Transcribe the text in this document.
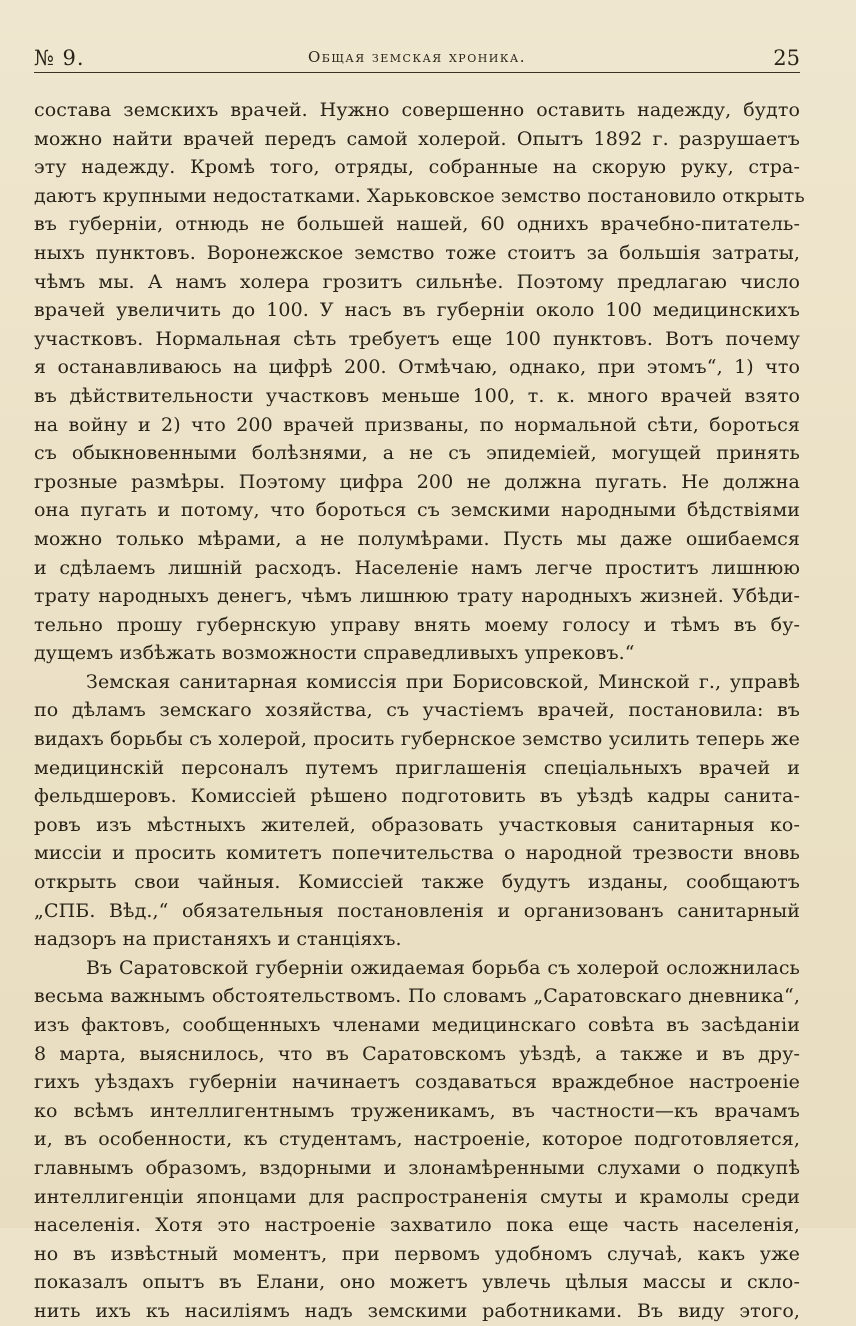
№ 9.	Общая земская хроника.	25
состава земскихъ врачей. Нужно совершенно оставить надежду, будто
можно найти врачей передъ самой холерой. Опытъ 1892 г. разрушаетъ
эту надежду. Кромѣ того, отряды, собранные на скорую руку, стра-
даютъ крупными недостатками. Харьковское земство постановило открыть
въ губерніи, отнюдь не большей нашей, 60 однихъ врачебно-питатель-
ныхъ пунктовъ. Воронежское земство тоже стоитъ за большія затраты,
чѣмъ мы. А намъ холера грозитъ сильнѣе. Поэтому предлагаю число
врачей увеличить до 100. У насъ въ губерніи около 100 медицинскихъ
участковъ. Нормальная сѣть требуетъ еще 100 пунктовъ. Вотъ почему
я останавливаюсь на цифрѣ 200. Отмѣчаю, однако, при этомъ“, 1) что
въ дѣйствительности участковъ меньше 100, т. к. много врачей взято
на войну и 2) что 200 врачей призваны, по нормальной сѣти, бороться
съ обыкновенными болѣзнями, а не съ эпидеміей, могущей принять
грозные размѣры. Поэтому цифра 200 не должна пугать. Не должна
она пугать и потому, что бороться съ земскими народными бѣдствіями
можно только мѣрами, а не полумѣрами. Пусть мы даже ошибаемся
и сдѣлаемъ лишній расходъ. Населеніе намъ легче проститъ лишнюю
трату народныхъ денегъ, чѣмъ лишнюю трату народныхъ жизней. Убѣди-
тельно прошу губернскую управу внять моему голосу и тѣмъ въ бу-
дущемъ избѣжать возможности справедливыхъ упрековъ.“
Земская санитарная комиссія при Борисовской, Минской г., управѣ
по дѣламъ земскаго хозяйства, съ участіемъ врачей, постановила: въ
видахъ борьбы съ холерой, просить губернское земство усилить теперь же
медицинскій персоналъ путемъ приглашенія спеціальныхъ врачей и
фельдшеровъ. Комиссіей рѣшено подготовить въ уѣздѣ кадры санита-
ровъ изъ мѣстныхъ жителей, образовать участковыя санитарныя ко-
миссіи и просить комитетъ попечительства о народной трезвости вновь
открыть свои чайныя. Комиссіей также будутъ изданы, сообщаютъ
„СПБ. Вѣд.,“ обязательныя постановленія и организованъ санитарный
надзоръ на пристаняхъ и станціяхъ.
Въ Саратовской губерніи ожидаемая борьба съ холерой осложнилась
весьма важнымъ обстоятельствомъ. По словамъ „Саратовскаго дневника“,
изъ фактовъ, сообщенныхъ членами медицинскаго совѣта въ засѣданіи
8 марта, выяснилось, что въ Саратовскомъ уѣздѣ, а также и въ дру-
гихъ уѣздахъ губерніи начинаетъ создаваться враждебное настроеніе
ко всѣмъ интеллигентнымъ труженикамъ, въ частности—къ врачамъ
и, въ особенности, къ студентамъ, настроеніе, которое подготовляется,
главнымъ образомъ, вздорными и злонамѣренными слухами о подкупѣ
интеллигенціи японцами для распространенія смуты и крамолы среди
населенія. Хотя это настроеніе захватило пока еще часть населенія,
но въ извѣстный моментъ, при первомъ удобномъ случаѣ, какъ уже
показалъ опытъ въ Елани, оно можетъ увлечь цѣлыя массы и скло-
нить ихъ къ насиліямъ надъ земскими работниками. Въ виду этого,
